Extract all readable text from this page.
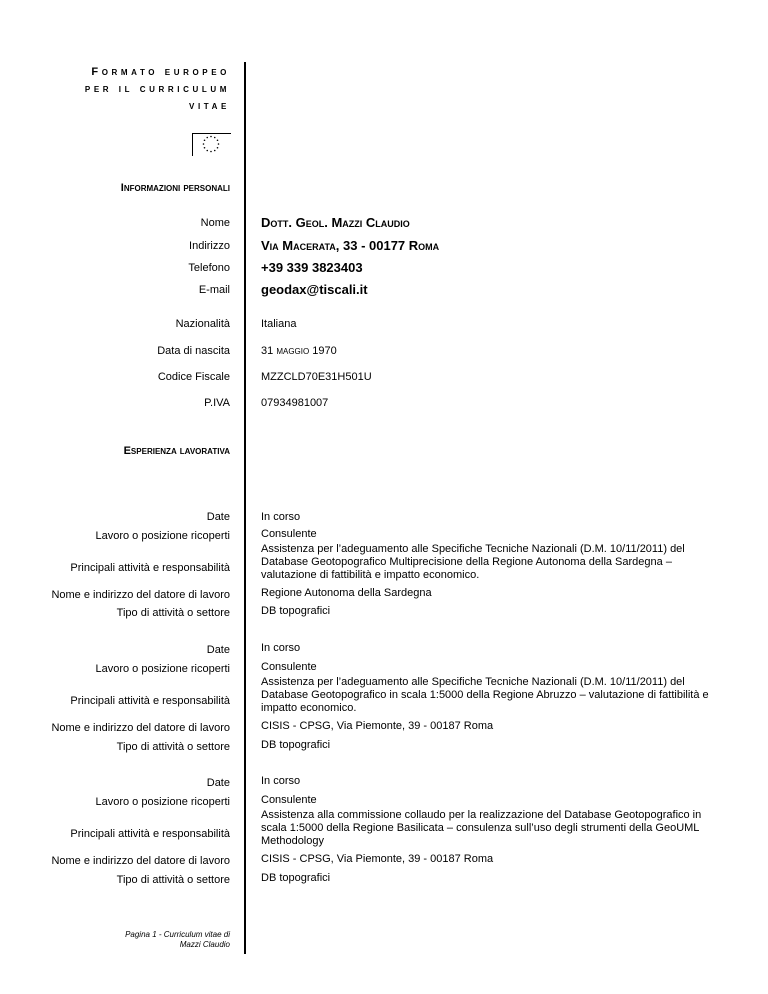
Formato europeo
per il curriculum
vitae
Informazioni personali
Nome Dott. Geol. Mazzi Claudio
Indirizzo Via Macerata, 33 - 00177 Roma
Telefono +39 339 3823403
E-mail geodax@tiscali.it
Nazionalità	Italiana
Data di nascita	31 MAGGIO 1970
Codice Fiscale	MZZCLD70E31H501U
P.IVA	07934981007
Esperienza lavorativa
Date	In corso
Lavoro o posizione ricoperti	Consulente
Principali attività e responsabilità
Assistenza per l’adeguamento alle Specifiche Tecniche Nazionali (D.M. 10/11/2011) del Database Geotopografico Multiprecisione della Regione Autonoma della Sardegna – valutazione di fattibilità e impatto economico.
Nome e indirizzo del datore di lavoro	Regione Autonoma della Sardegna
Tipo di attività o settore	DB topografici
Date	In corso
Lavoro o posizione ricoperti	Consulente
Principali attività e responsabilità
Assistenza per l’adeguamento alle Specifiche Tecniche Nazionali (D.M. 10/11/2011) del Database Geotopografico in scala 1:5000 della Regione Abruzzo – valutazione di fattibilità e impatto economico.
Nome e indirizzo del datore di lavoro	CISIS - CPSG, Via Piemonte, 39 - 00187 Roma
Tipo di attività o settore	DB topografici
Date	In corso
Lavoro o posizione ricoperti	Consulente
Principali attività e responsabilità
Assistenza alla commissione collaudo per la realizzazione del Database Geotopografico in scala 1:5000 della Regione Basilicata – consulenza sull’uso degli strumenti della GeoUML Methodology
Nome e indirizzo del datore di lavoro	CISIS - CPSG, Via Piemonte, 39 - 00187 Roma
Tipo di attività o settore	DB topografici
Pagina 1 - Curriculum vitae di
Mazzi Claudio
